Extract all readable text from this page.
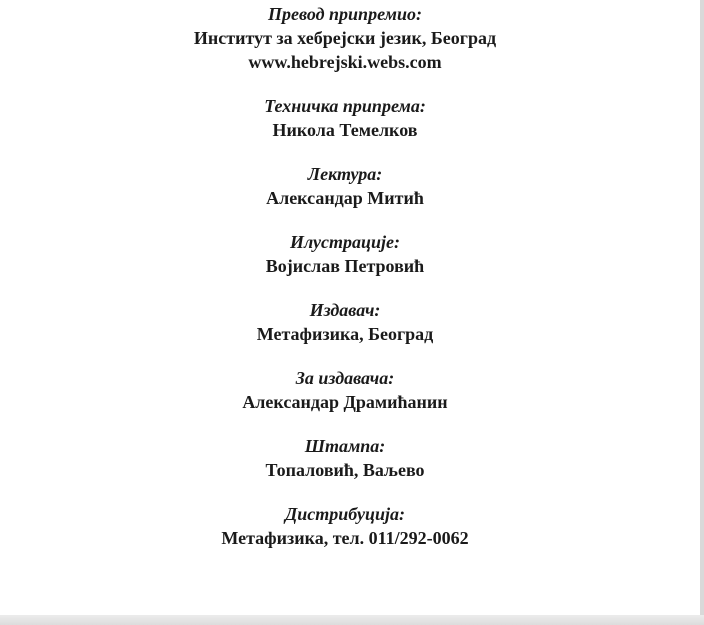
Превод припремио:
Институт за хебрејски језик, Београд
www.hebrejski.webs.com
Техничка припрема:
Никола Темелков
Лектура:
Александар Митић
Илустрације:
Војислав Петровић
Издавач:
Метафизика, Београд
За издавача:
Александар Драмићанин
Штампа:
Топаловић, Ваљево
Дистрибуција:
Метафизика, тел. 011/292-0062
